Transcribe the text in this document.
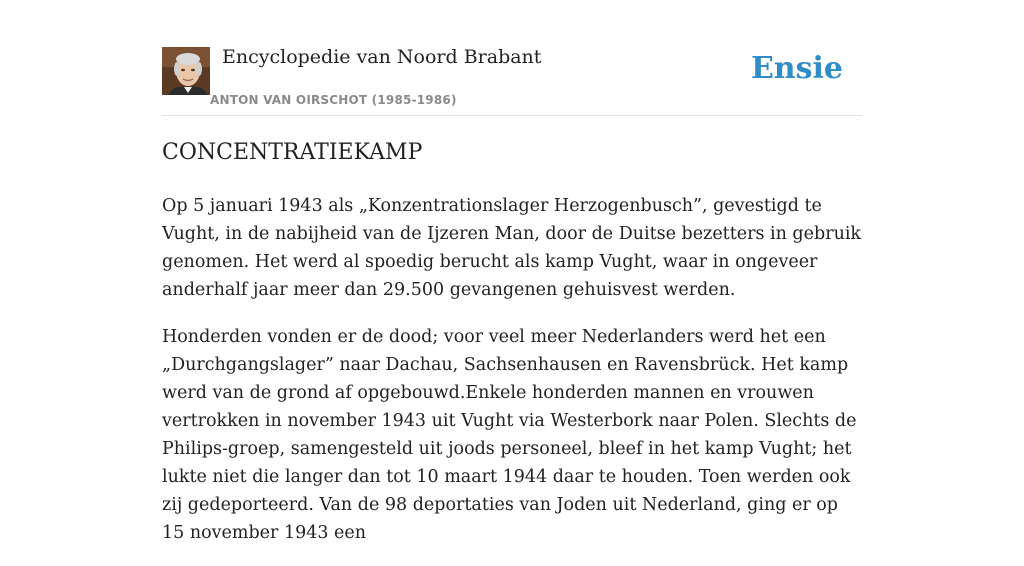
Encyclopedie van Noord Brabant
ANTON VAN OIRSCHOT (1985-1986)
Ensie
CONCENTRATIEKAMP

Op 5 januari 1943 als „Konzentrationslager Herzogenbusch”, gevestigd te Vught, in de nabijheid van de Ijzeren Man, door de Duitse bezetters in gebruik genomen. Het werd al spoedig berucht als kamp Vught, waar in ongeveer anderhalf jaar meer dan 29.500 gevangenen gehuisvest werden.

Honderden vonden er de dood; voor veel meer Nederlanders werd het een „Durchgangslager” naar Dachau, Sachsenhausen en Ravensbrück. Het kamp werd van de grond af opgebouwd.Enkele honderden mannen en vrouwen vertrokken in november 1943 uit Vught via Westerbork naar Polen. Slechts de Philips-groep, samengesteld uit joods personeel, bleef in het kamp Vught; het lukte niet die langer dan tot 10 maart 1944 daar te houden. Toen werden ook zij gedeporteerd. Van de 98 deportaties van Joden uit Nederland, ging er op 15 november 1943 een
